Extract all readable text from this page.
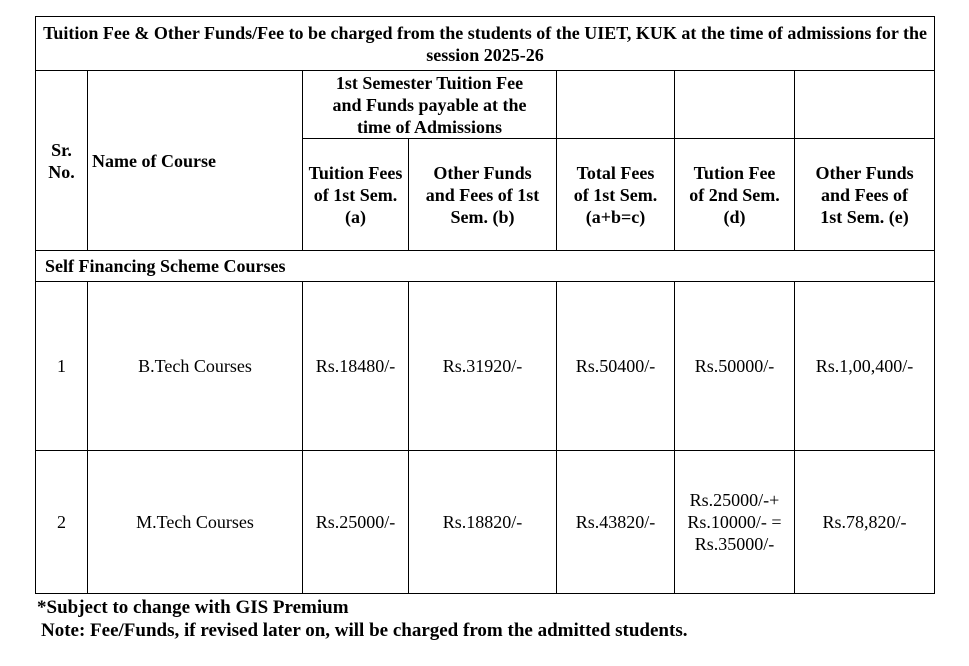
Tuition Fee & Other Funds/Fee to be charged from the students of the UIET, KUK at the time of admissions for the session 2025-26						
Sr. No.	Name of Course	1st Semester Tuition Fee and Funds payable at the time of Admissions				
		Tuition Fees of 1st Sem. (a)	Other Funds and Fees of 1st Sem. (b)	Total Fees of 1st Sem. (a+b=c)	Tution Fee of 2nd Sem. (d)	Other Funds and Fees of 1st Sem. (e)
Self Financing Scheme Courses						
1	B.Tech Courses	Rs.18480/-	Rs.31920/-	Rs.50400/-	Rs.50000/-	Rs.1,00,400/-
2	M.Tech Courses	Rs.25000/-	Rs.18820/-	Rs.43820/-	Rs.25000/-+
Rs.10000/- =
Rs.35000/-	Rs.78,820/-
*Subject to change with GIS Premium
Note: Fee/Funds, if revised later on, will be charged from the admitted students.
